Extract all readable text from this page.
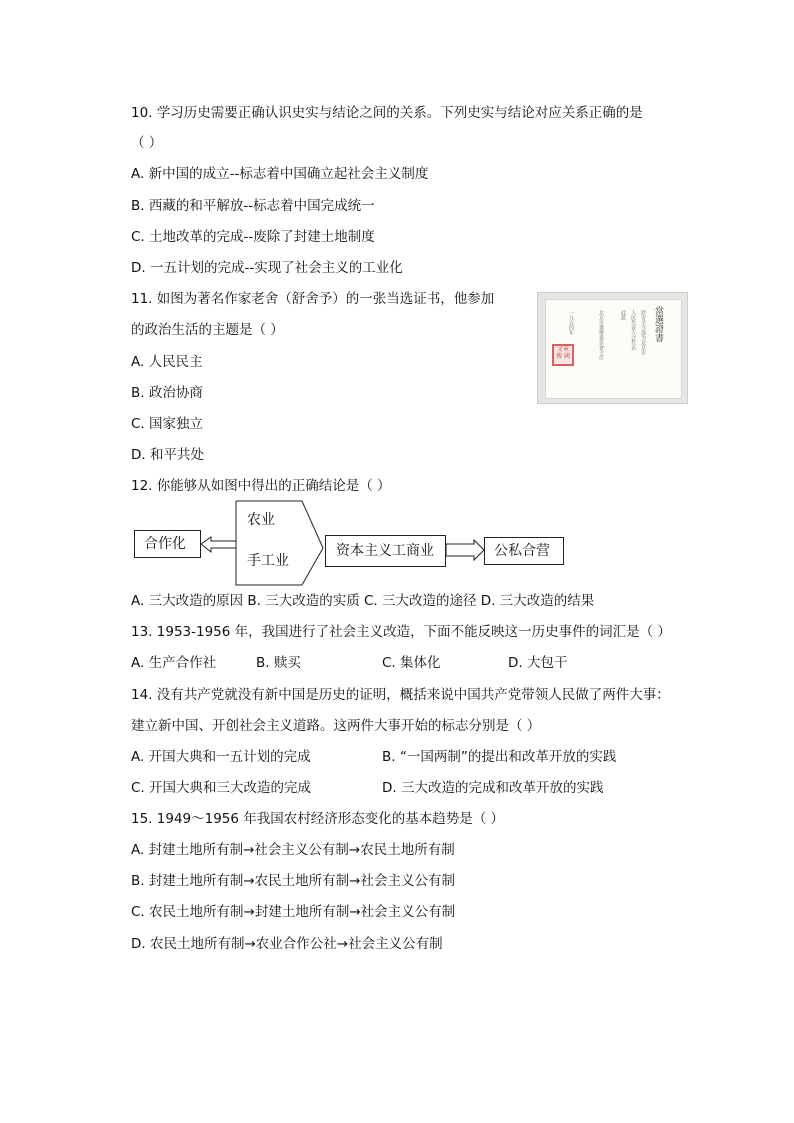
10. 学习历史需要正确认识史实与结论之间的关系。下列史实与结论对应关系正确的是
（ ）
A. 新中国的成立--标志着中国确立起社会主义制度
B. 西藏的和平解放--标志着中国完成统一
C. 土地改革的完成--废除了封建土地制度
D. 一五计划的完成--实现了社会主义的工业化
11. 如图为著名作家老舍（舒舍予）的一张当选证书，他参加
的政治生活的主题是（ ）
A. 人民民主
B. 政治协商
C. 国家独立
D. 和平共处
當選證書
舒舍予当选为北京市
人民代表大会代表
此證
北京市選舉委員會主任
一九五四年
文章 傳 國
12. 你能够从如图中得出的正确结论是（ ）
合作化
农业
手工业
资本主义工商业	公私合营
A. 三大改造的原因 B. 三大改造的实质 C. 三大改造的途径 D. 三大改造的结果
13. 1953-1956 年，我国进行了社会主义改造，下面不能反映这一历史事件的词汇是（ ）
A. 生产合作社	B. 赎买	C. 集体化	D. 大包干
14. 没有共产党就没有新中国是历史的证明，概括来说中国共产党带领人民做了两件大事：
建立新中国、开创社会主义道路。这两件大事开始的标志分别是（ ）
A. 开国大典和一五计划的完成	B. “一国两制”的提出和改革开放的实践
C. 开国大典和三大改造的完成	D. 三大改造的完成和改革开放的实践
15. 1949～1956 年我国农村经济形态变化的基本趋势是（ ）
A. 封建土地所有制→社会主义公有制→农民土地所有制
B. 封建土地所有制→农民土地所有制→社会主义公有制
C. 农民土地所有制→封建土地所有制→社会主义公有制
D. 农民土地所有制→农业合作公社→社会主义公有制
